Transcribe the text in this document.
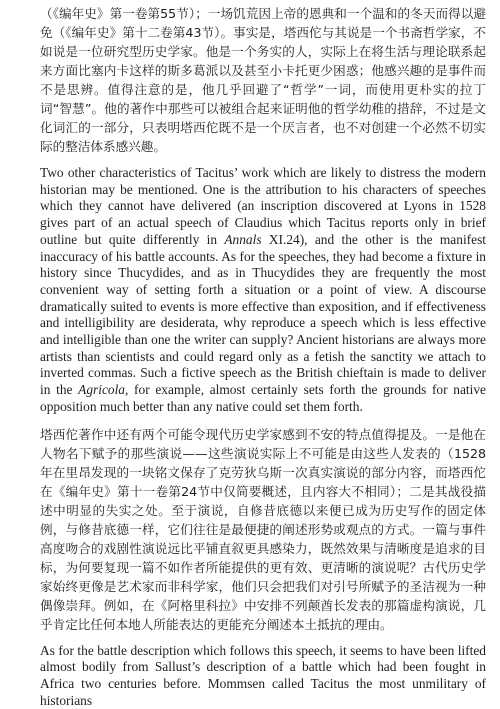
（《编年史》第一卷第55节）；一场饥荒因上帝的恩典和一个温和的冬天而得以避免（《编年史》第十二卷第43节）。事实是，塔西佗与其说是一个书斋哲学家，不如说是一位研究型历史学家。他是一个务实的人，实际上在将生活与理论联系起来方面比塞内卡这样的斯多葛派以及甚至小卡托更少困惑；他感兴趣的是事件而不是思辨。值得注意的是，他几乎回避了“哲学”一词，而使用更朴实的拉丁词“智慧”。他的著作中那些可以被组合起来证明他的哲学幼稚的措辞，不过是文化词汇的一部分，只表明塔西佗既不是一个厌言者，也不对创建一个必然不切实际的整洁体系感兴趣。

Two other characteristics of Tacitus’ work which are likely to distress the modern historian may be mentioned. One is the attribution to his characters of speeches which they cannot have delivered (an inscription discovered at Lyons in 1528 gives part of an actual speech of Claudius which Tacitus reports only in brief outline but quite differently in Annals XI.24), and the other is the manifest inaccuracy of his battle accounts. As for the speeches, they had become a fixture in history since Thucydides, and as in Thucydides they are frequently the most convenient way of setting forth a situation or a point of view. A discourse dramatically suited to events is more effective than exposition, and if effectiveness and intelligibility are desiderata, why reproduce a speech which is less effective and intelligible than one the writer can supply? Ancient historians are always more artists than scientists and could regard only as a fetish the sanctity we attach to inverted commas. Such a fictive speech as the British chieftain is made to deliver in the Agricola, for example, almost certainly sets forth the grounds for native opposition much better than any native could set them forth.

塔西佗著作中还有两个可能令现代历史学家感到不安的特点值得提及。一是他在人物名下赋予的那些演说——这些演说实际上不可能是由这些人发表的（1528年在里昂发现的一块铭文保存了克劳狄乌斯一次真实演说的部分内容，而塔西佗在《编年史》第十一卷第24节中仅简要概述，且内容大不相同）；二是其战役描述中明显的失实之处。至于演说，自修昔底德以来便已成为历史写作的固定体例，与修昔底德一样，它们往往是最便捷的阐述形势或观点的方式。一篇与事件高度吻合的戏剧性演说远比平铺直叙更具感染力，既然效果与清晰度是追求的目标，为何要复现一篇不如作者所能提供的更有效、更清晰的演说呢？古代历史学家始终更像是艺术家而非科学家，他们只会把我们对引号所赋予的圣洁视为一种偶像崇拜。例如，在《阿格里科拉》中安排不列颠酋长发表的那篇虚构演说，几乎肯定比任何本地人所能表达的更能充分阐述本土抵抗的理由。

As for the battle description which follows this speech, it seems to have been lifted almost bodily from Sallust’s description of a battle which had been fought in Africa two centuries before. Mommsen called Tacitus the most unmilitary of historians
